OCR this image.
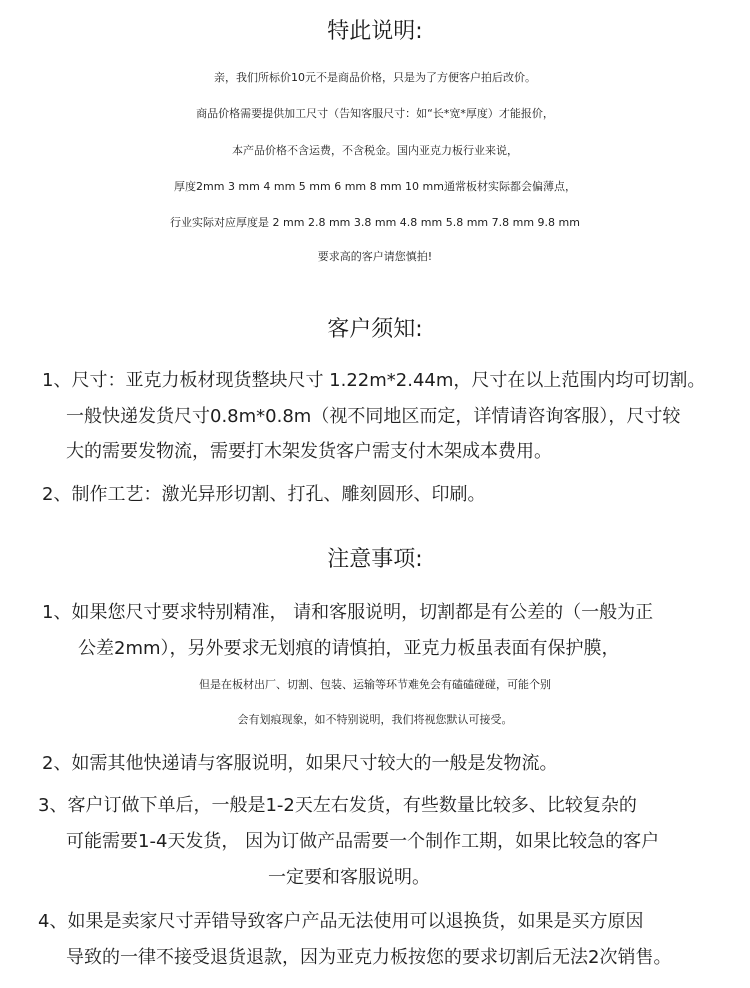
特此说明:
亲，我们所标价10元不是商品价格，只是为了方便客户拍后改价。
商品价格需要提供加工尺寸（告知客服尺寸：如“长*宽*厚度）才能报价，
本产品价格不含运费，不含税金。国内亚克力板行业来说，
厚度2mm 3 mm 4 mm 5 mm 6 mm 8 mm 10 mm通常板材实际都会偏薄点，
行业实际对应厚度是 2 mm 2.8 mm 3.8 mm 4.8 mm 5.8 mm 7.8 mm 9.8 mm
要求高的客户请您慎拍!
客户须知:
1、尺寸：亚克力板材现货整块尺寸 1.22m*2.44m，尺寸在以上范围内均可切割。
一般快递发货尺寸0.8m*0.8m（视不同地区而定，详情请咨询客服），尺寸较
大的需要发物流，需要打木架发货客户需支付木架成本费用。
2、制作工艺：激光异形切割、打孔、雕刻圆形、印刷。
注意事项:
1、如果您尺寸要求特别精准， 请和客服说明，切割都是有公差的（一般为正
公差2mm），另外要求无划痕的请慎拍，亚克力板虽表面有保护膜，
但是在板材出厂、切割、包装、运输等环节难免会有磕磕碰碰，可能个别
会有划痕现象，如不特别说明，我们将视您默认可接受。
2、如需其他快递请与客服说明，如果尺寸较大的一般是发物流。
3、客户订做下单后，一般是1-2天左右发货，有些数量比较多、比较复杂的
可能需要1-4天发货， 因为订做产品需要一个制作工期，如果比较急的客户
一定要和客服说明。
4、如果是卖家尺寸弄错导致客户产品无法使用可以退换货，如果是买方原因
导致的一律不接受退货退款，因为亚克力板按您的要求切割后无法2次销售。
